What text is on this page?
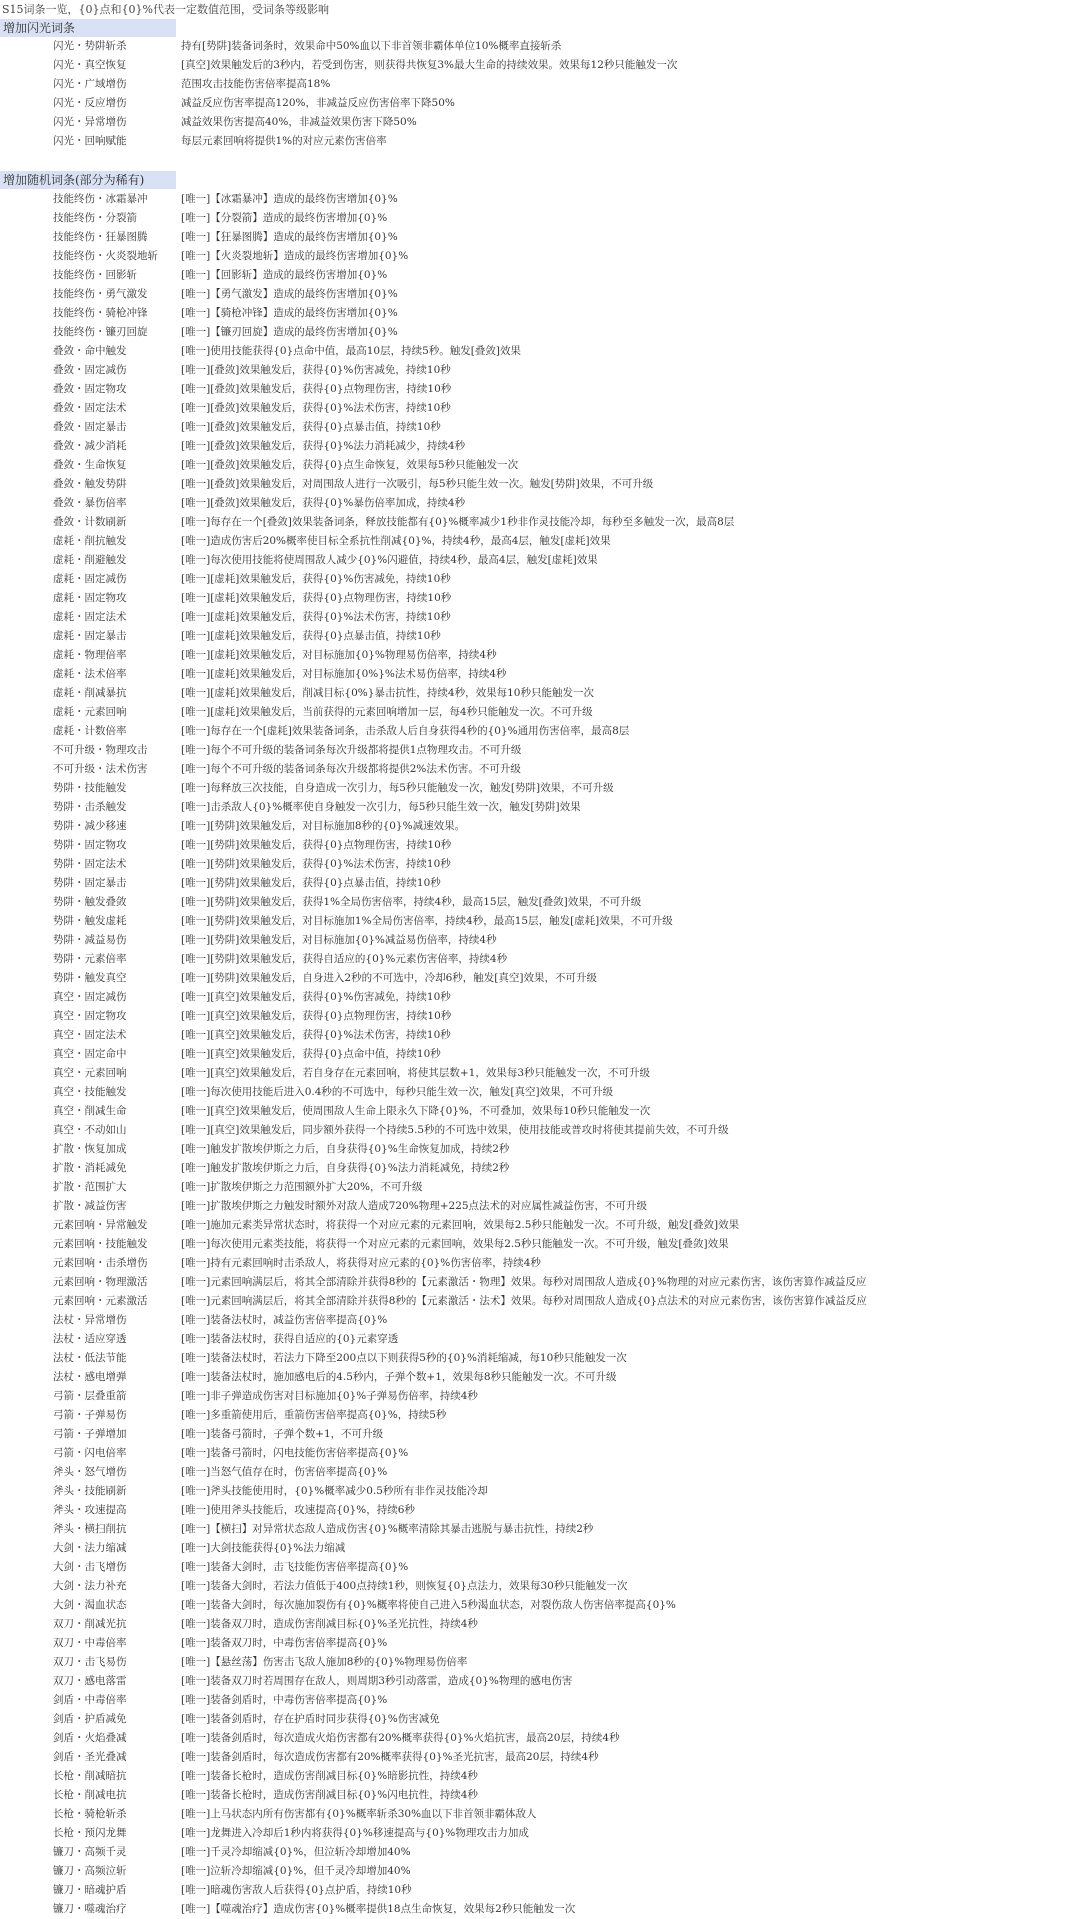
S15词条一览，{0}点和{0}%代表一定数值范围，受词条等级影响
增加闪光词条
闪光・势阱斩杀	持有[势阱]装备词条时，效果命中50%血以下非首领非霸体单位10%概率直接斩杀
闪光・真空恢复	[真空]效果触发后的3秒内，若受到伤害，则获得共恢复3%最大生命的持续效果。效果每12秒只能触发一次
闪光・广域增伤	范围攻击技能伤害倍率提高18%
闪光・反应增伤	减益反应伤害率提高120%，非减益反应伤害倍率下降50%
闪光・异常增伤	减益效果伤害提高40%，非减益效果伤害下降50%
闪光・回响赋能	每层元素回响将提供1%的对应元素伤害倍率
增加随机词条(部分为稀有)
技能终伤・冰霜暴冲	[唯一]【冰霜暴冲】造成的最终伤害增加{0}%
技能终伤・分裂箭	[唯一]【分裂箭】造成的最终伤害增加{0}%
技能终伤・狂暴图腾	[唯一]【狂暴图腾】造成的最终伤害增加{0}%
技能终伤・火炎裂地斩	[唯一]【火炎裂地斩】造成的最终伤害增加{0}%
技能终伤・回影斩	[唯一]【回影斩】造成的最终伤害增加{0}%
技能终伤・勇气激发	[唯一]【勇气激发】造成的最终伤害增加{0}%
技能终伤・骑枪冲锋	[唯一]【骑枪冲锋】造成的最终伤害增加{0}%
技能终伤・镰刃回旋	[唯一]【镰刃回旋】造成的最终伤害增加{0}%
叠敛・命中触发	[唯一]使用技能获得{0}点命中值，最高10层，持续5秒。触发[叠敛]效果
叠敛・固定减伤	[唯一][叠敛]效果触发后，获得{0}%伤害减免，持续10秒
叠敛・固定物攻	[唯一][叠敛]效果触发后，获得{0}点物理伤害，持续10秒
叠敛・固定法术	[唯一][叠敛]效果触发后，获得{0}%法术伤害，持续10秒
叠敛・固定暴击	[唯一][叠敛]效果触发后，获得{0}点暴击值，持续10秒
叠敛・减少消耗	[唯一][叠敛]效果触发后，获得{0}%法力消耗减少，持续4秒
叠敛・生命恢复	[唯一][叠敛]效果触发后，获得{0}点生命恢复，效果每5秒只能触发一次
叠敛・触发势阱	[唯一][叠敛]效果触发后，对周围敌人进行一次吸引，每5秒只能生效一次。触发[势阱]效果，不可升级
叠敛・暴伤倍率	[唯一][叠敛]效果触发后，获得{0}%暴伤倍率加成，持续4秒
叠敛・计数刷新	[唯一]每存在一个[叠敛]效果装备词条，释放技能都有{0}%概率减少1秒非作灵技能冷却，每秒至多触发一次，最高8层
虚耗・削抗触发	[唯一]造成伤害后20%概率使目标全系抗性削减{0}%，持续4秒，最高4层，触发[虚耗]效果
虚耗・削避触发	[唯一]每次使用技能将使周围敌人减少{0}%闪避值，持续4秒，最高4层，触发[虚耗]效果
虚耗・固定减伤	[唯一][虚耗]效果触发后，获得{0}%伤害减免，持续10秒
虚耗・固定物攻	[唯一][虚耗]效果触发后，获得{0}点物理伤害，持续10秒
虚耗・固定法术	[唯一][虚耗]效果触发后，获得{0}%法术伤害，持续10秒
虚耗・固定暴击	[唯一][虚耗]效果触发后，获得{0}点暴击值，持续10秒
虚耗・物理倍率	[唯一][虚耗]效果触发后，对目标施加{0}%物理易伤倍率，持续4秒
虚耗・法术倍率	[唯一][虚耗]效果触发后，对目标施加{0%}%法术易伤倍率，持续4秒
虚耗・削减暴抗	[唯一][虚耗]效果触发后，削减目标{0%}暴击抗性，持续4秒，效果每10秒只能触发一次
虚耗・元素回响	[唯一][虚耗]效果触发后，当前获得的元素回响增加一层，每4秒只能触发一次。不可升级
虚耗・计数倍率	[唯一]每存在一个[虚耗]效果装备词条，击杀敌人后自身获得4秒的{0}%通用伤害倍率，最高8层
不可升级・物理攻击	[唯一]每个不可升级的装备词条每次升级都将提供1点物理攻击。不可升级
不可升级・法术伤害	[唯一]每个不可升级的装备词条每次升级都将提供2%法术伤害。不可升级
势阱・技能触发	[唯一]每释放三次技能，自身造成一次引力，每5秒只能触发一次，触发[势阱]效果，不可升级
势阱・击杀触发	[唯一]击杀敌人{0}%概率使自身触发一次引力，每5秒只能生效一次，触发[势阱]效果
势阱・减少移速	[唯一][势阱]效果触发后，对目标施加8秒的{0}%减速效果。
势阱・固定物攻	[唯一][势阱]效果触发后，获得{0}点物理伤害，持续10秒
势阱・固定法术	[唯一][势阱]效果触发后，获得{0}%法术伤害，持续10秒
势阱・固定暴击	[唯一][势阱]效果触发后，获得{0}点暴击值，持续10秒
势阱・触发叠敛	[唯一][势阱]效果触发后，获得1%全局伤害倍率，持续4秒，最高15层，触发[叠敛]效果，不可升级
势阱・触发虚耗	[唯一][势阱]效果触发后，对目标施加1%全局伤害倍率，持续4秒，最高15层，触发[虚耗]效果，不可升级
势阱・减益易伤	[唯一][势阱]效果触发后，对目标施加{0}%减益易伤倍率，持续4秒
势阱・元素倍率	[唯一][势阱]效果触发后，获得自适应的{0}%元素伤害倍率，持续4秒
势阱・触发真空	[唯一][势阱]效果触发后，自身进入2秒的不可选中，冷却6秒，触发[真空]效果，不可升级
真空・固定减伤	[唯一][真空]效果触发后，获得{0}%伤害减免，持续10秒
真空・固定物攻	[唯一][真空]效果触发后，获得{0}点物理伤害，持续10秒
真空・固定法术	[唯一][真空]效果触发后，获得{0}%法术伤害，持续10秒
真空・固定命中	[唯一][真空]效果触发后，获得{0}点命中值，持续10秒
真空・元素回响	[唯一][真空]效果触发后，若自身存在元素回响，将使其层数+1，效果每3秒只能触发一次，不可升级
真空・技能触发	[唯一]每次使用技能后进入0.4秒的不可选中，每秒只能生效一次，触发[真空]效果，不可升级
真空・削减生命	[唯一][真空]效果触发后，使周围敌人生命上限永久下降{0}%，不可叠加，效果每10秒只能触发一次
真空・不动如山	[唯一][真空]效果触发后，同步额外获得一个持续5.5秒的不可选中效果，使用技能或普攻时将使其提前失效，不可升级
扩散・恢复加成	[唯一]触发扩散埃伊斯之力后，自身获得{0}%生命恢复加成，持续2秒
扩散・消耗减免	[唯一]触发扩散埃伊斯之力后，自身获得{0}%法力消耗减免，持续2秒
扩散・范围扩大	[唯一]扩散埃伊斯之力范围额外扩大20%，不可升级
扩散・减益伤害	[唯一]扩散埃伊斯之力触发时额外对敌人造成720%物理+225点法术的对应属性减益伤害，不可升级
元素回响・异常触发	[唯一]施加元素类异常状态时，将获得一个对应元素的元素回响，效果每2.5秒只能触发一次。不可升级，触发[叠敛]效果
元素回响・技能触发	[唯一]每次使用元素类技能，将获得一个对应元素的元素回响，效果每2.5秒只能触发一次。不可升级，触发[叠敛]效果
元素回响・击杀增伤	[唯一]持有元素回响时击杀敌人，将获得对应元素的{0}%伤害倍率，持续4秒
元素回响・物理激活	[唯一]元素回响满层后，将其全部清除并获得8秒的【元素激活・物理】效果。每秒对周围敌人造成{0}%物理的对应元素伤害，该伤害算作减益反应
元素回响・元素激活	[唯一]元素回响满层后，将其全部清除并获得8秒的【元素激活・法术】效果。每秒对周围敌人造成{0}点法术的对应元素伤害，该伤害算作减益反应
法杖・异常增伤	[唯一]装备法杖时，减益伤害倍率提高{0}%
法杖・适应穿透	[唯一]装备法杖时，获得自适应的{0}元素穿透
法杖・低法节能	[唯一]装备法杖时，若法力下降至200点以下则获得5秒的{0}%消耗缩减，每10秒只能触发一次
法杖・感电增弹	[唯一]装备法杖时，施加感电后的4.5秒内，子弹个数+1，效果每8秒只能触发一次。不可升级
弓箭・层叠重箭	[唯一]非子弹造成伤害对目标施加{0}%子弹易伤倍率，持续4秒
弓箭・子弹易伤	[唯一]多重箭使用后，重箭伤害倍率提高{0}%，持续5秒
弓箭・子弹增加	[唯一]装备弓箭时，子弹个数+1，不可升级
弓箭・闪电倍率	[唯一]装备弓箭时，闪电技能伤害倍率提高{0}%
斧头・怒气增伤	[唯一]当怒气值存在时，伤害倍率提高{0}%
斧头・技能刷新	[唯一]斧头技能使用时，{0}%概率减少0.5秒所有非作灵技能冷却
斧头・攻速提高	[唯一]使用斧头技能后，攻速提高{0}%，持续6秒
斧头・横扫削抗	[唯一]【横扫】对异常状态敌人造成伤害{0}%概率清除其暴击逃脱与暴击抗性，持续2秒
大剑・法力缩减	[唯一]大剑技能获得{0}%法力缩减
大剑・击飞增伤	[唯一]装备大剑时，击飞技能伤害倍率提高{0}%
大剑・法力补充	[唯一]装备大剑时，若法力值低于400点持续1秒，则恢复{0}点法力，效果每30秒只能触发一次
大剑・渴血状态	[唯一]装备大剑时，每次施加裂伤有{0}%概率将使自己进入5秒渴血状态，对裂伤敌人伤害倍率提高{0}%
双刀・削减光抗	[唯一]装备双刀时，造成伤害削减目标{0}%圣光抗性，持续4秒
双刀・中毒倍率	[唯一]装备双刀时，中毒伤害倍率提高{0}%
双刀・击飞易伤	[唯一]【悬丝荡】伤害击飞敌人施加8秒的{0}%物理易伤倍率
双刀・感电落雷	[唯一]装备双刀时若周围存在敌人，则周期3秒引动落雷，造成{0}%物理的感电伤害
剑盾・中毒倍率	[唯一]装备剑盾时，中毒伤害倍率提高{0}%
剑盾・护盾减免	[唯一]装备剑盾时，存在护盾时同步获得{0}%伤害减免
剑盾・火焰叠减	[唯一]装备剑盾时，每次造成火焰伤害都有20%概率获得{0}%火焰抗害，最高20层，持续4秒
剑盾・圣光叠减	[唯一]装备剑盾时，每次造成伤害都有20%概率获得{0}%圣光抗害，最高20层，持续4秒
长枪・削减暗抗	[唯一]装备长枪时，造成伤害削减目标{0}%暗影抗性，持续4秒
长枪・削减电抗	[唯一]装备长枪时，造成伤害削减目标{0}%闪电抗性，持续4秒
长枪・骑枪斩杀	[唯一]上马状态内所有伤害都有{0}%概率斩杀30%血以下非首领非霸体敌人
长枪・预闪龙舞	[唯一]龙舞进入冷却后1秒内将获得{0}%移速提高与{0}%物理攻击力加成
镰刀・高频千灵	[唯一]千灵冷却缩减{0}%，但泣斩冷却增加40%
镰刀・高频泣斩	[唯一]泣斩冷却缩减{0}%，但千灵冷却增加40%
镰刀・暗魂护盾	[唯一]暗魂伤害敌人后获得{0}点护盾，持续10秒
镰刀・噬魂治疗	[唯一]【噬魂治疗】造成伤害{0}%概率提供18点生命恢复，效果每2秒只能触发一次
